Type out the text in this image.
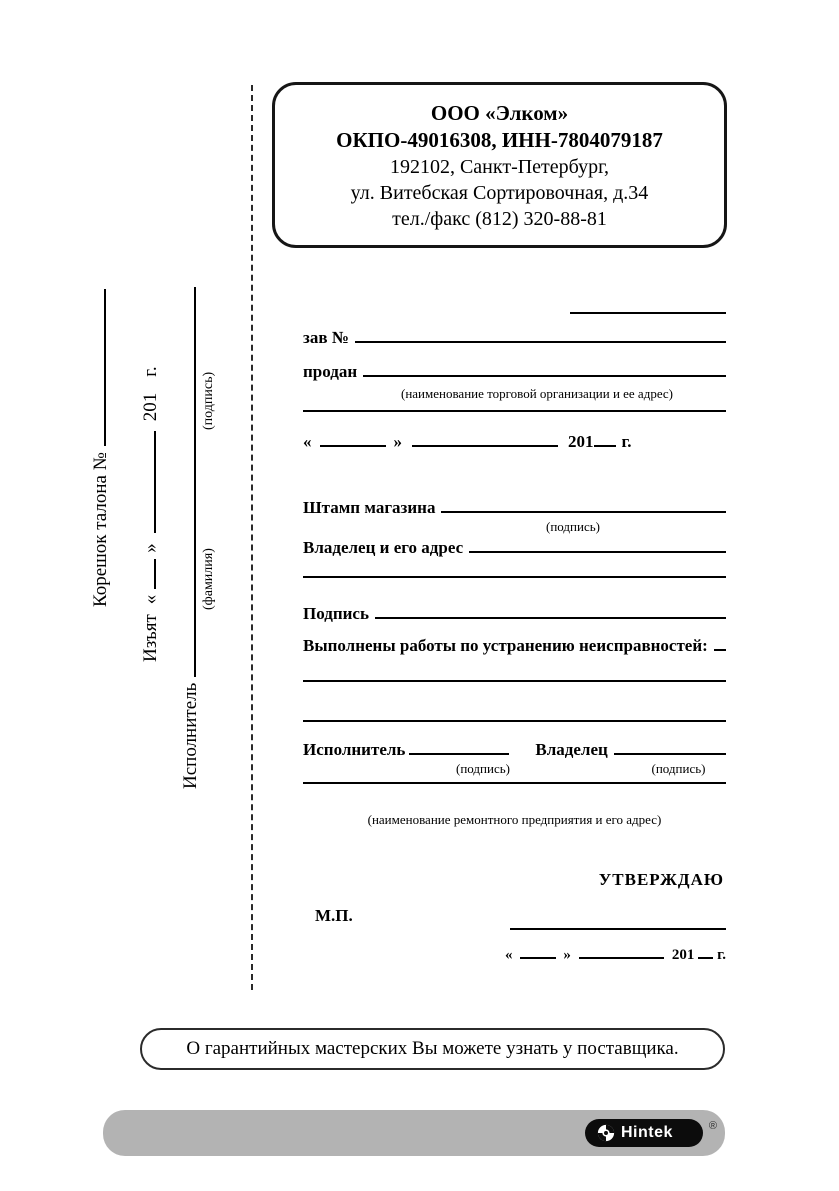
ООО «Элком»
ОКПО-49016308, ИНН-7804079187
192102, Санкт-Петербург,
ул. Витебская Сортировочная, д.34
тел./факс (812) 320-88-81
Корешок талона №
Изъят
«
»
201
г.
Исполнитель
(фамилия)
(подпись)
зав №
продан
(наименование торговой организации и ее адрес)
«	»	201 г.
Штамп магазина
(подпись)
Владелец и его адрес
Подпись
Выполнены работы по устранению неисправностей:
Исполнитель	Владелец
(подпись)	(подпись)
(наименование ремонтного предприятия и его адрес)
УТВЕРЖДАЮ
М.П.
«	»	201 г.
О гарантийных мастерских Вы можете узнать у поставщика.
Hintek	®
